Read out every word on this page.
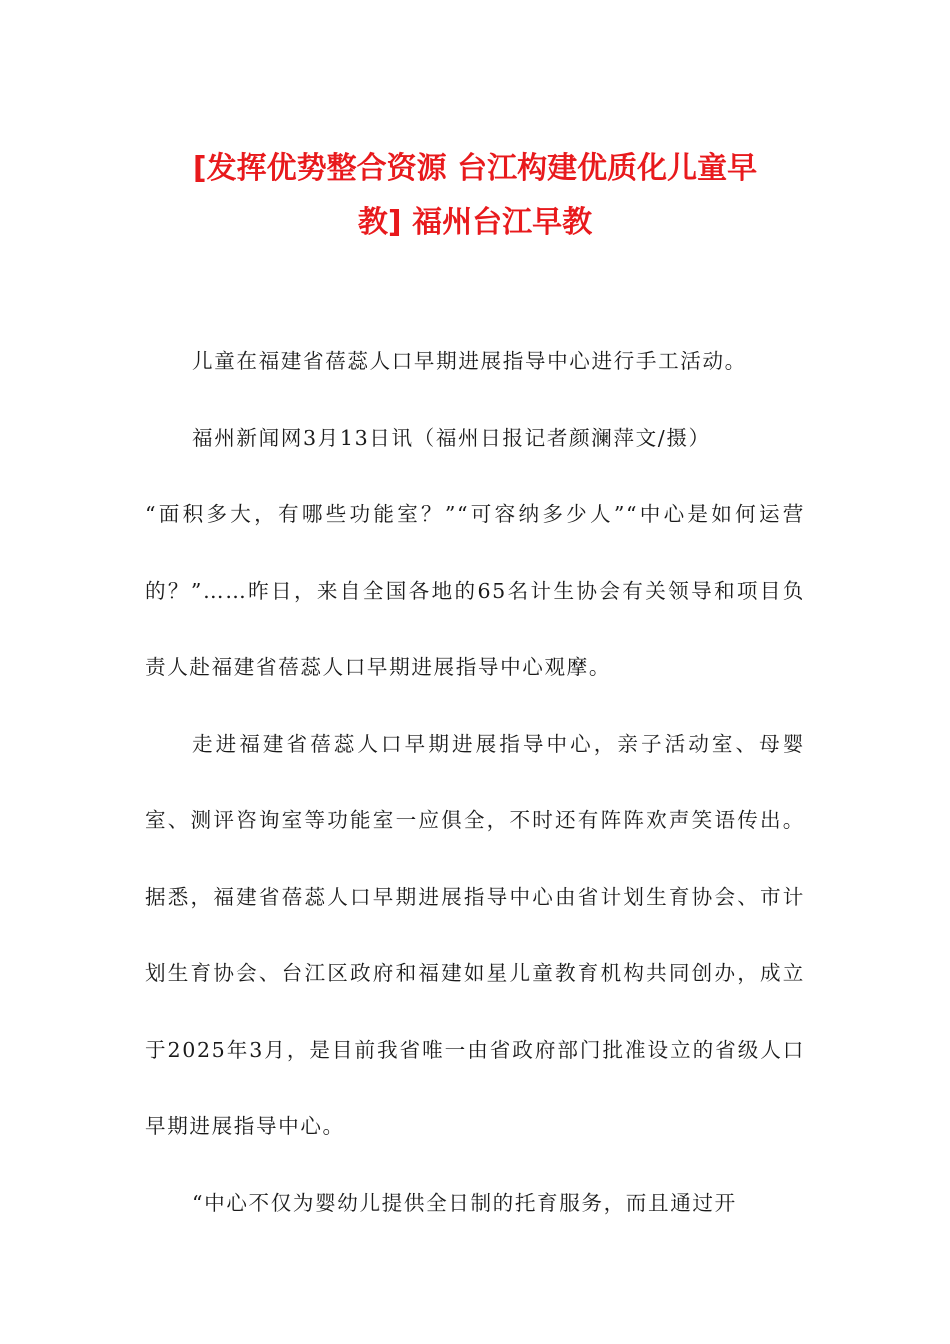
[发挥优势整合资源 台江构建优质化儿童早
教] 福州台江早教

儿童在福建省蓓蕊人口早期进展指导中心进行手工活动。

福州新闻网3月13日讯（福州日报记者颜澜萍文/摄）

“面积多大，有哪些功能室？”“可容纳多少人”“中心是如何运营的？”……昨日，来自全国各地的65名计生协会有关领导和项目负责人赴福建省蓓蕊人口早期进展指导中心观摩。

走进福建省蓓蕊人口早期进展指导中心，亲子活动室、母婴室、测评咨询室等功能室一应俱全，不时还有阵阵欢声笑语传出。据悉，福建省蓓蕊人口早期进展指导中心由省计划生育协会、市计划生育协会、台江区政府和福建如星儿童教育机构共同创办，成立于2025年3月，是目前我省唯一由省政府部门批准设立的省级人口早期进展指导中心。

“中心不仅为婴幼儿提供全日制的托育服务，而且通过开
